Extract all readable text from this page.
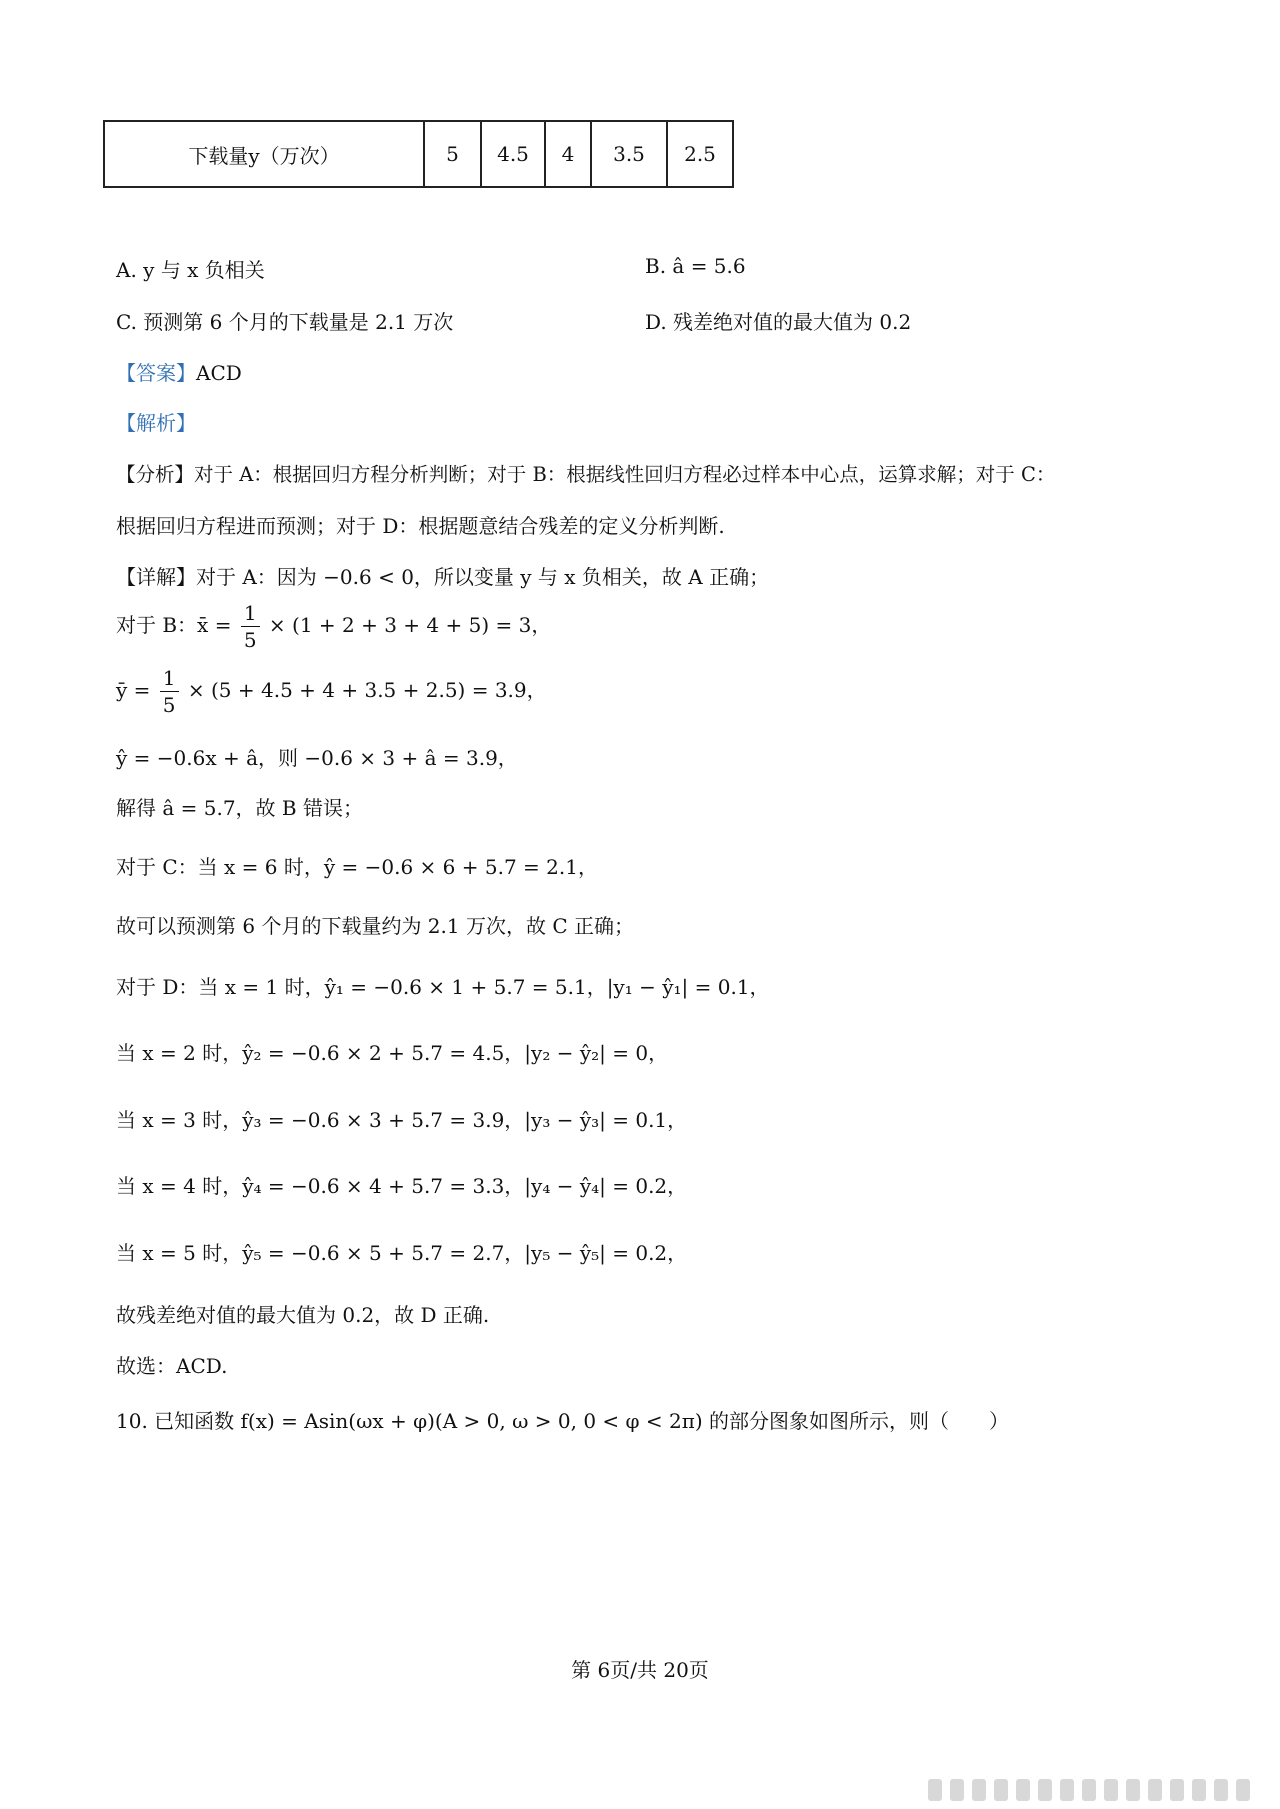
下载量y（万次）	5	4.5	4	3.5	2.5
A. y 与 x 负相关	B. â = 5.6
C. 预测第 6 个月的下载量是 2.1 万次	D. 残差绝对值的最大值为 0.2
【答案】ACD
【解析】
【分析】对于 A：根据回归方程分析判断；对于 B：根据线性回归方程必过样本中心点，运算求解；对于 C：
根据回归方程进而预测；对于 D：根据题意结合残差的定义分析判断.
【详解】对于 A：因为 −0.6 < 0，所以变量 y 与 x 负相关，故 A 正确；
对于 B：x̄ = $\frac{1}{5} \times (1 + 2 + 3 + 4 + 5) = 3$，
ȳ = $\frac{1}{5} \times (5 + 4.5 + 4 + 3.5 + 2.5) = 3.9$，
ŷ = −0.6x + â，则 −0.6 × 3 + â = 3.9，
解得 â = 5.7，故 B 错误；
对于 C：当 x = 6 时，ŷ = −0.6 × 6 + 5.7 = 2.1，
故可以预测第 6 个月的下载量约为 2.1 万次，故 C 正确；
对于 D：当 x = 1 时，ŷ₁ = −0.6 × 1 + 5.7 = 5.1，|y₁ − ŷ₁| = 0.1，
当 x = 2 时，ŷ₂ = −0.6 × 2 + 5.7 = 4.5，|y₂ − ŷ₂| = 0，
当 x = 3 时，ŷ₃ = −0.6 × 3 + 5.7 = 3.9，|y₃ − ŷ₃| = 0.1，
当 x = 4 时，ŷ₄ = −0.6 × 4 + 5.7 = 3.3，|y₄ − ŷ₄| = 0.2，
当 x = 5 时，ŷ₅ = −0.6 × 5 + 5.7 = 2.7，|y₅ − ŷ₅| = 0.2，
故残差绝对值的最大值为 0.2，故 D 正确.
故选：ACD.
10. 已知函数 f(x) = Asin(ωx + φ)(A > 0, ω > 0, 0 < φ < 2π) 的部分图象如图所示，则（　　）
第 6页/共 20页
